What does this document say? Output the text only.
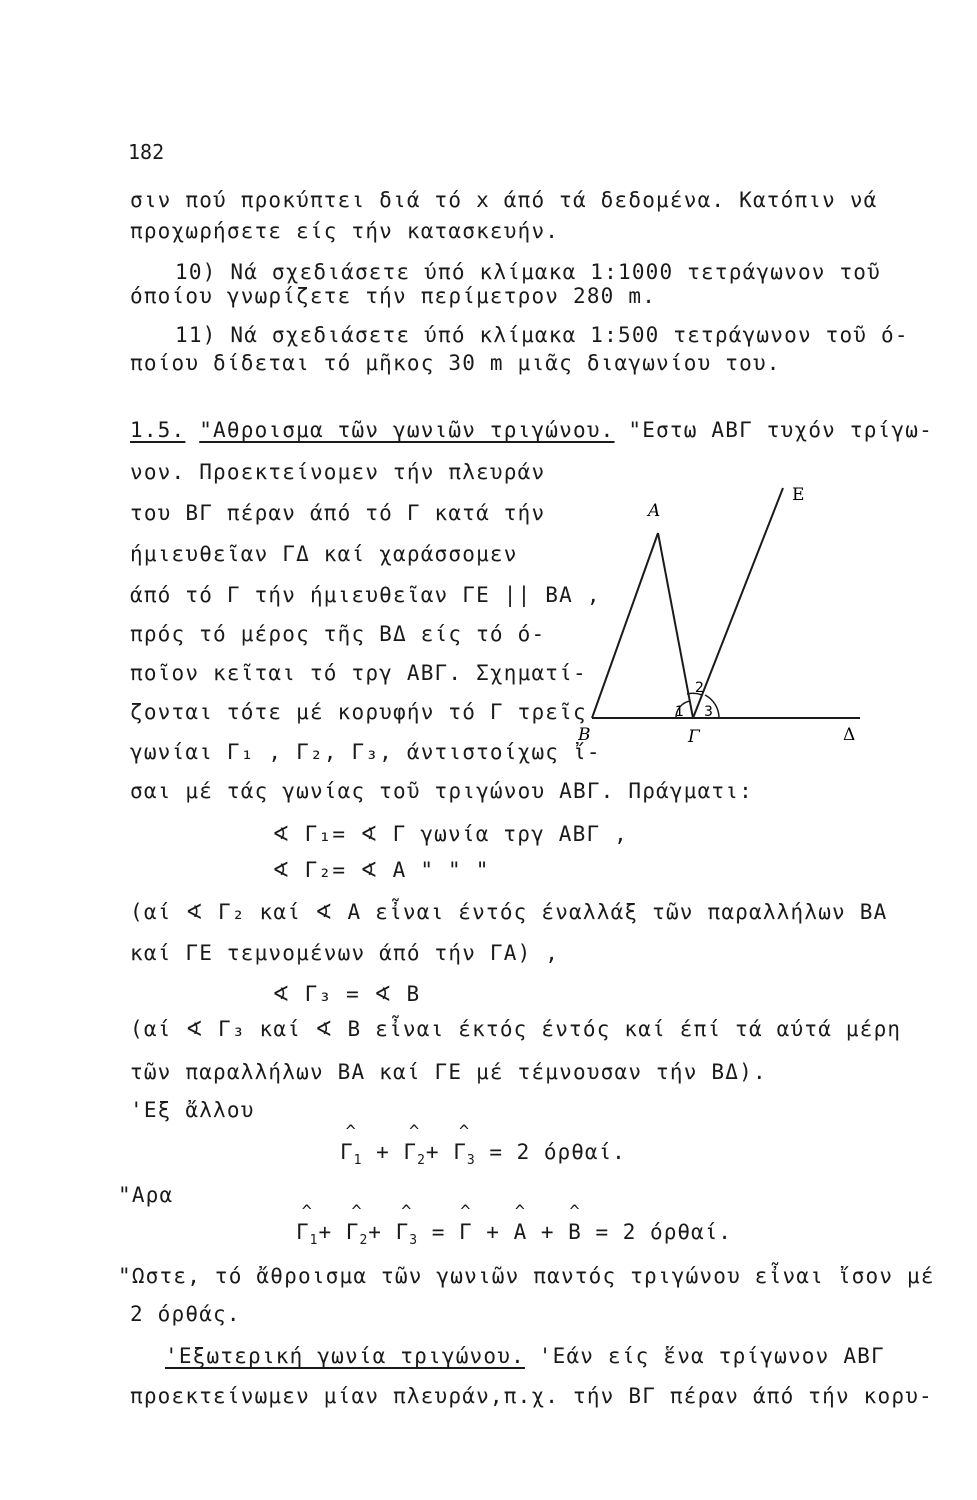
182
σιν πού προκύπτει διά τό x άπό τά δεδομένα. Κατόπιν νά
προχωρήσετε είς τήν κατασκευήν.
10) Νά σχεδιάσετε ύπό κλίμακα 1:1000 τετράγωνον τοῦ
όποίου γνωρίζετε τήν περίμετρον 280 m.
11) Νά σχεδιάσετε ύπό κλίμακα 1:500 τετράγωνον τοῦ ό-
ποίου δίδεται τό μῆκος 30 m μιᾶς διαγωνίου του.
1.5. "Αθροισμα τῶν γωνιῶν τριγώνου. "Εστω ΑΒΓ τυχόν τρίγω-
νον. Προεκτείνομεν τήν πλευράν
του ΒΓ πέραν άπό τό Γ κατά τήν
ήμιευθεῖαν ΓΔ καί χαράσσομεν
άπό τό Γ τήν ήμιευθεῖαν ΓΕ || ΒΑ ,
πρός τό μέρος τῆς ΒΔ είς τό ό-
ποῖον κεῖται τό τργ ΑΒΓ. Σχηματί-
ζονται τότε μέ κορυφήν τό Γ τρεῖς
γωνίαι Γ₁ , Γ₂, Γ₃, άντιστοίχως ἴ-
σαι μέ τάς γωνίας τοῦ τριγώνου ΑΒΓ. Πράγματι:
∢ Γ₁= ∢ Γ γωνία τργ ΑΒΓ ,
∢ Γ₂= ∢ Α " " "
(αί ∢ Γ₂ καί ∢ Α εἶναι έντός έναλλάξ τῶν παραλλήλων ΒΑ
καί ΓΕ τεμνομένων άπό τήν ΓΑ) ,
∢ Γ₃ = ∢ Β
(αί ∢ Γ₃ καί ∢ Β εἶναι έκτός έντός καί έπί τά αύτά μέρη
τῶν παραλλήλων ΒΑ καί ΓΕ μέ τέμνουσαν τήν ΒΔ).
'Εξ ἄλλου
^ $\Gamma_1$ + ^ $\Gamma_2+$ ^ $\Gamma_3 = 2$ όρθαί.
"Αρα
^ $\Gamma_1+$ ^ $\Gamma_2+$ ^ $\Gamma_3$ = ^ Γ + ^ A + ^ B = 2 όρθαί.
"Ωστε, τό ἄθροισμα τῶν γωνιῶν παντός τριγώνου εἶναι ἴσον μέ
2 όρθάς.
'Εξωτερική γωνία τριγώνου. 'Εάν είς ἕνα τρίγωνον ΑΒΓ
προεκτείνωμεν μίαν πλευράν,π.χ. τήν ΒΓ πέραν άπό τήν κορυ-
A
E
B	Γ	Δ
1
2
3
